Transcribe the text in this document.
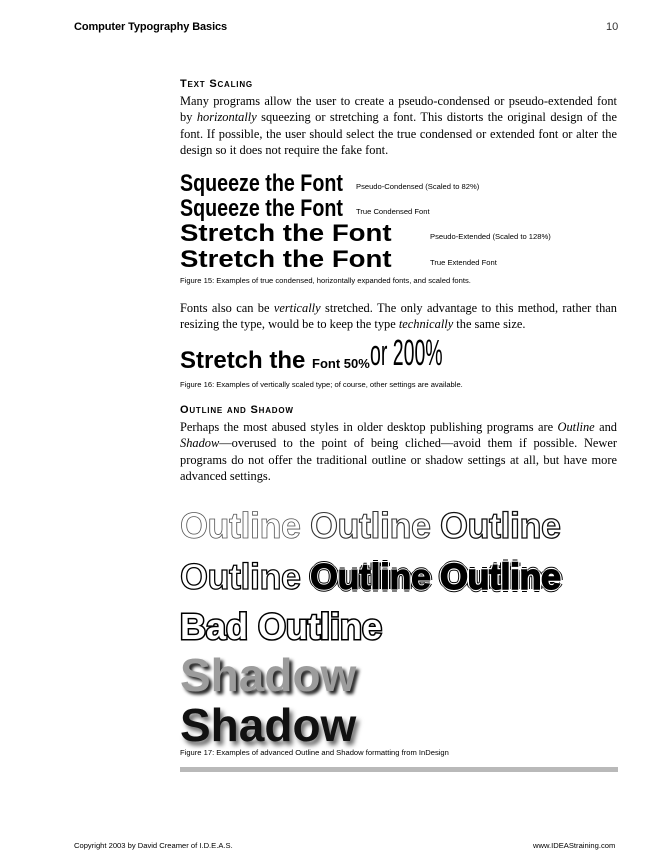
Computer Typography Basics	10
Text Scaling
Many programs allow the user to create a pseudo-condensed or pseudo-extended font by horizontally squeezing or stretching a font. This distorts the original design of the font. If possible, the user should select the true condensed or extended font or alter the design so it does not require the fake font.
Squeeze the Font Pseudo-Condensed (Scaled to 82%)
Squeeze the Font True Condensed Font
Stretch the Font	Pseudo-Extended (Scaled to 128%)
Stretch the Font	True Extended Font
Figure 15: Examples of true condensed, horizontally expanded fonts, and scaled fonts.
Fonts also can be vertically stretched. The only advantage to this method, rather than resizing the type, would be to keep the type technically the same size.
Stretch the Font 50%or 200%
Figure 16: Examples of vertically scaled type; of course, other settings are available.
Outline and Shadow
Perhaps the most abused styles in older desktop publishing programs are Outline and Shadow—overused to the point of being cliched—avoid them if possible. Newer programs do not offer the traditional outline or shadow settings at all, but have more advanced settings.
Outline Outline Outline
Outline Outline Outline
Bad Outline
Shadow
Shadow
Figure 17: Examples of advanced Outline and Shadow formatting from InDesign
Copyright 2003 by David Creamer of I.D.E.A.S.	www.IDEAStraining.com
